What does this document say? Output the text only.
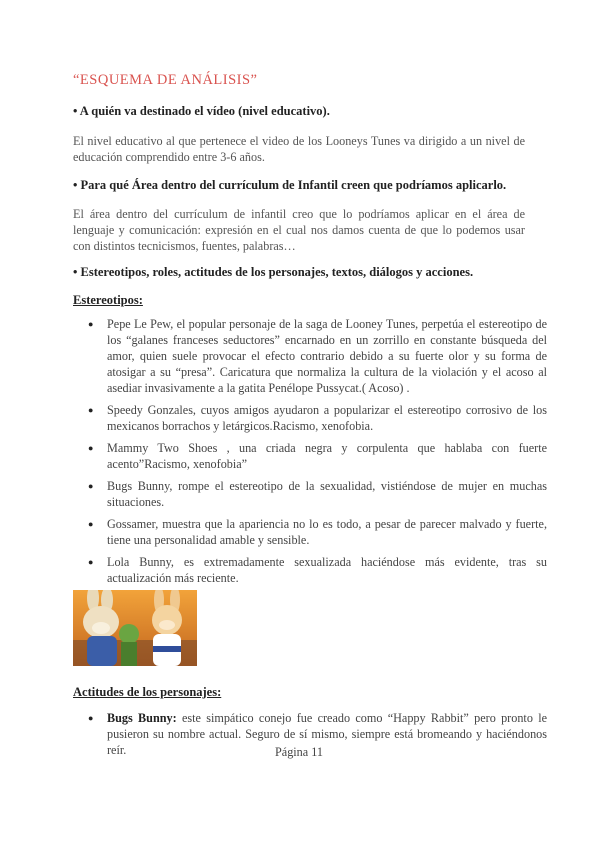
“ESQUEMA DE ANÁLISIS”
• A quién va destinado el vídeo (nivel educativo).
El nivel educativo al que pertenece el video de los Looneys Tunes va dirigido a un nivel de educación comprendido entre 3-6 años.
• Para qué Área dentro del currículum de Infantil creen que podríamos aplicarlo.
El área dentro del currículum de infantil creo que lo podríamos aplicar en el área de lenguaje y comunicación: expresión en el cual nos damos cuenta de que lo podemos usar con distintos tecnicismos, fuentes, palabras…
• Estereotipos, roles, actitudes de los personajes, textos, diálogos y acciones.
Estereotipos:
● Pepe Le Pew, el popular personaje de la saga de Looney Tunes, perpetúa el estereotipo de los “galanes franceses seductores” encarnado en un zorrillo en constante búsqueda del amor, quien suele provocar el efecto contrario debido a su fuerte olor y su forma de atosigar a su “presa”. Caricatura que normaliza la cultura de la violación y el acoso al asediar invasivamente a la gatita Penélope Pussycat.( Acoso) .
● Speedy Gonzales, cuyos amigos ayudaron a popularizar el estereotipo corrosivo de los mexicanos borrachos y letárgicos.Racismo, xenofobia.
● Mammy Two Shoes , una criada negra y corpulenta que hablaba con fuerte acento”Racismo, xenofobia”
● Bugs Bunny, rompe el estereotipo de la sexualidad, vistiéndose de mujer en muchas situaciones.
● Gossamer, muestra que la apariencia no lo es todo, a pesar de parecer malvado y fuerte, tiene una personalidad amable y sensible.
● Lola Bunny, es extremadamente sexualizada haciéndose más evidente, tras su actualización más reciente.
Actitudes de los personajes:
● Bugs Bunny: este simpático conejo fue creado como “Happy Rabbit” pero pronto le pusieron su nombre actual. Seguro de sí mismo, siempre está bromeando y haciéndonos reír.	Página 11
